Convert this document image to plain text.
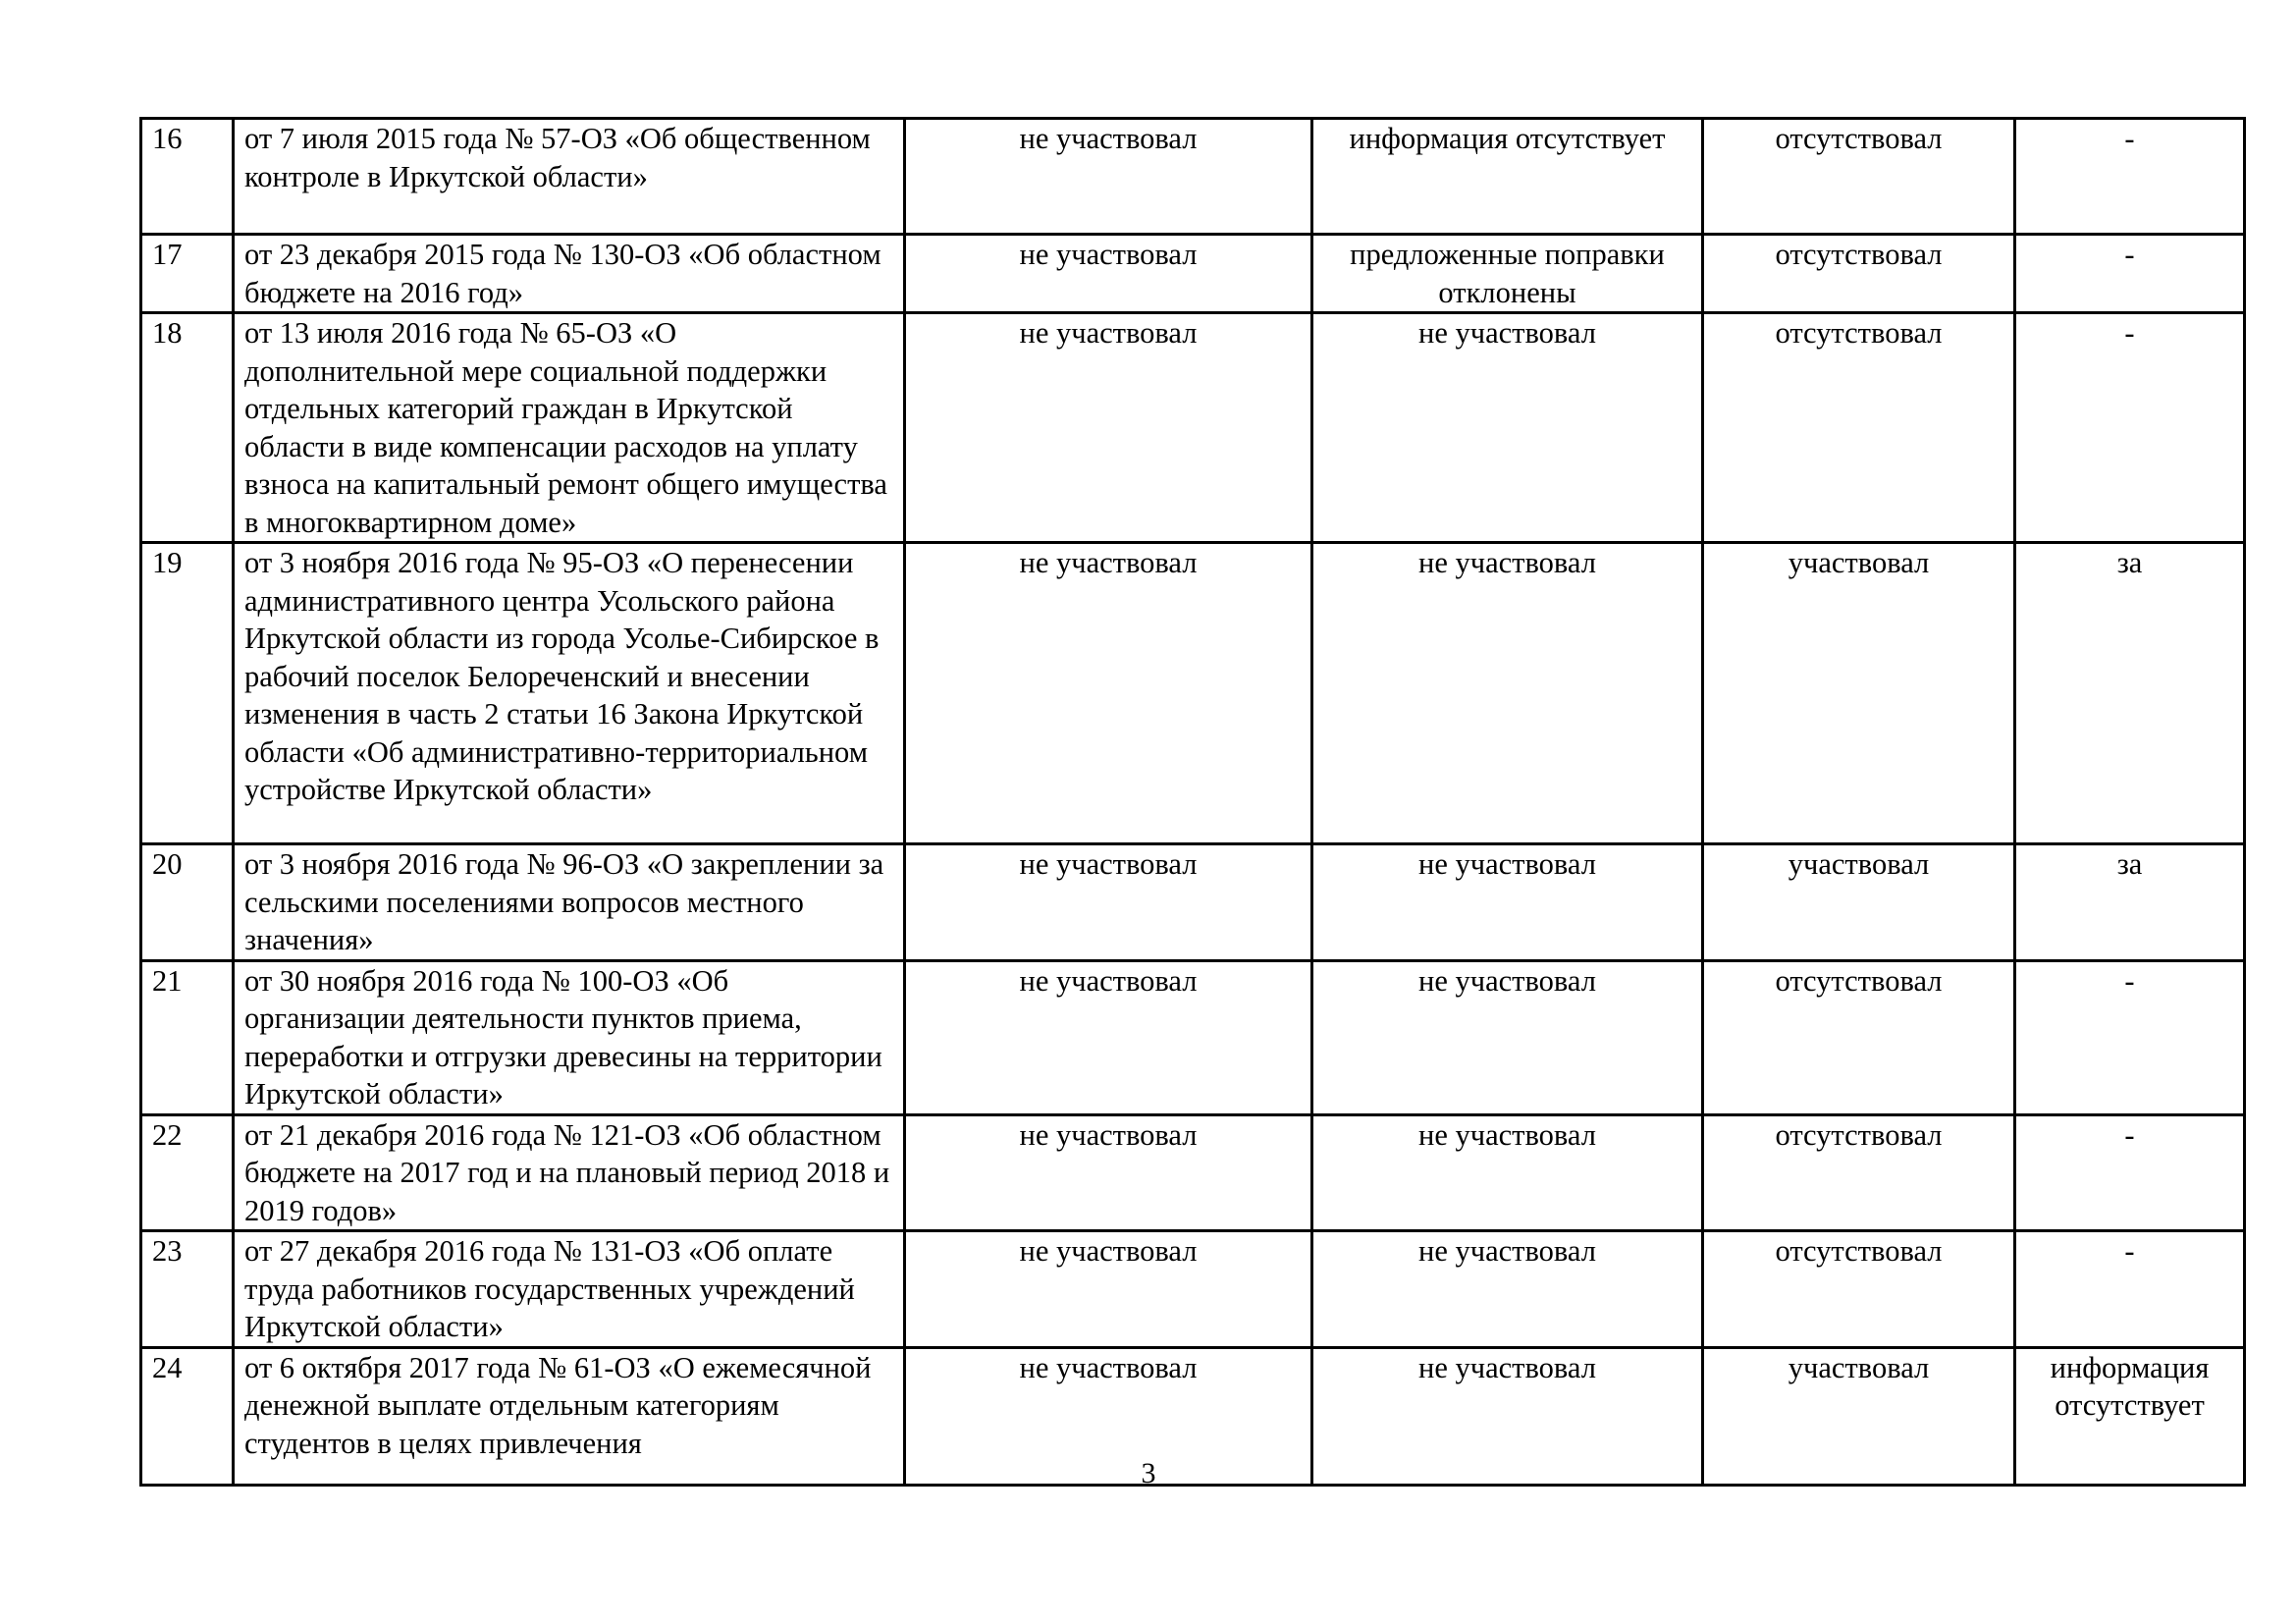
16	от 7 июля 2015 года № 57-ОЗ «Об общественном контроле в Иркутской области»	не участвовал	информация отсутствует	отсутствовал	-
17	от 23 декабря 2015 года № 130-ОЗ «Об областном бюджете на 2016 год»	не участвовал	предложенные поправки отклонены	отсутствовал	-
18	от 13 июля 2016 года № 65-ОЗ «О дополнительной мере социальной поддержки отдельных категорий граждан в Иркутской области в виде компенсации расходов на уплату взноса на капитальный ремонт общего имущества в многоквартирном доме»	не участвовал	не участвовал	отсутствовал	-
19	от 3 ноября 2016 года № 95-ОЗ «О перенесении административного центра Усольского района Иркутской области из города Усолье-Сибирское в рабочий поселок Белореченский и внесении изменения в часть 2 статьи 16 Закона Иркутской области «Об административно-территориальном устройстве Иркутской области»	не участвовал	не участвовал	участвовал	за
20	от 3 ноября 2016 года № 96-ОЗ «О закреплении за сельскими поселениями вопросов местного значения»	не участвовал	не участвовал	участвовал	за
21	от 30 ноября 2016 года № 100-ОЗ «Об организации деятельности пунктов приема, переработки и отгрузки древесины на территории Иркутской области»	не участвовал	не участвовал	отсутствовал	-
22	от 21 декабря 2016 года № 121-ОЗ «Об областном бюджете на 2017 год и на плановый период 2018 и 2019 годов»	не участвовал	не участвовал	отсутствовал	-
23	от 27 декабря 2016 года № 131-ОЗ «Об оплате труда работников государственных учреждений Иркутской области»	не участвовал	не участвовал	отсутствовал	-
24	от 6 октября 2017 года № 61-ОЗ «О ежемесячной денежной выплате отдельным категориям студентов в целях привлечения	не участвовал	не участвовал	участвовал	информация отсутствует
3
